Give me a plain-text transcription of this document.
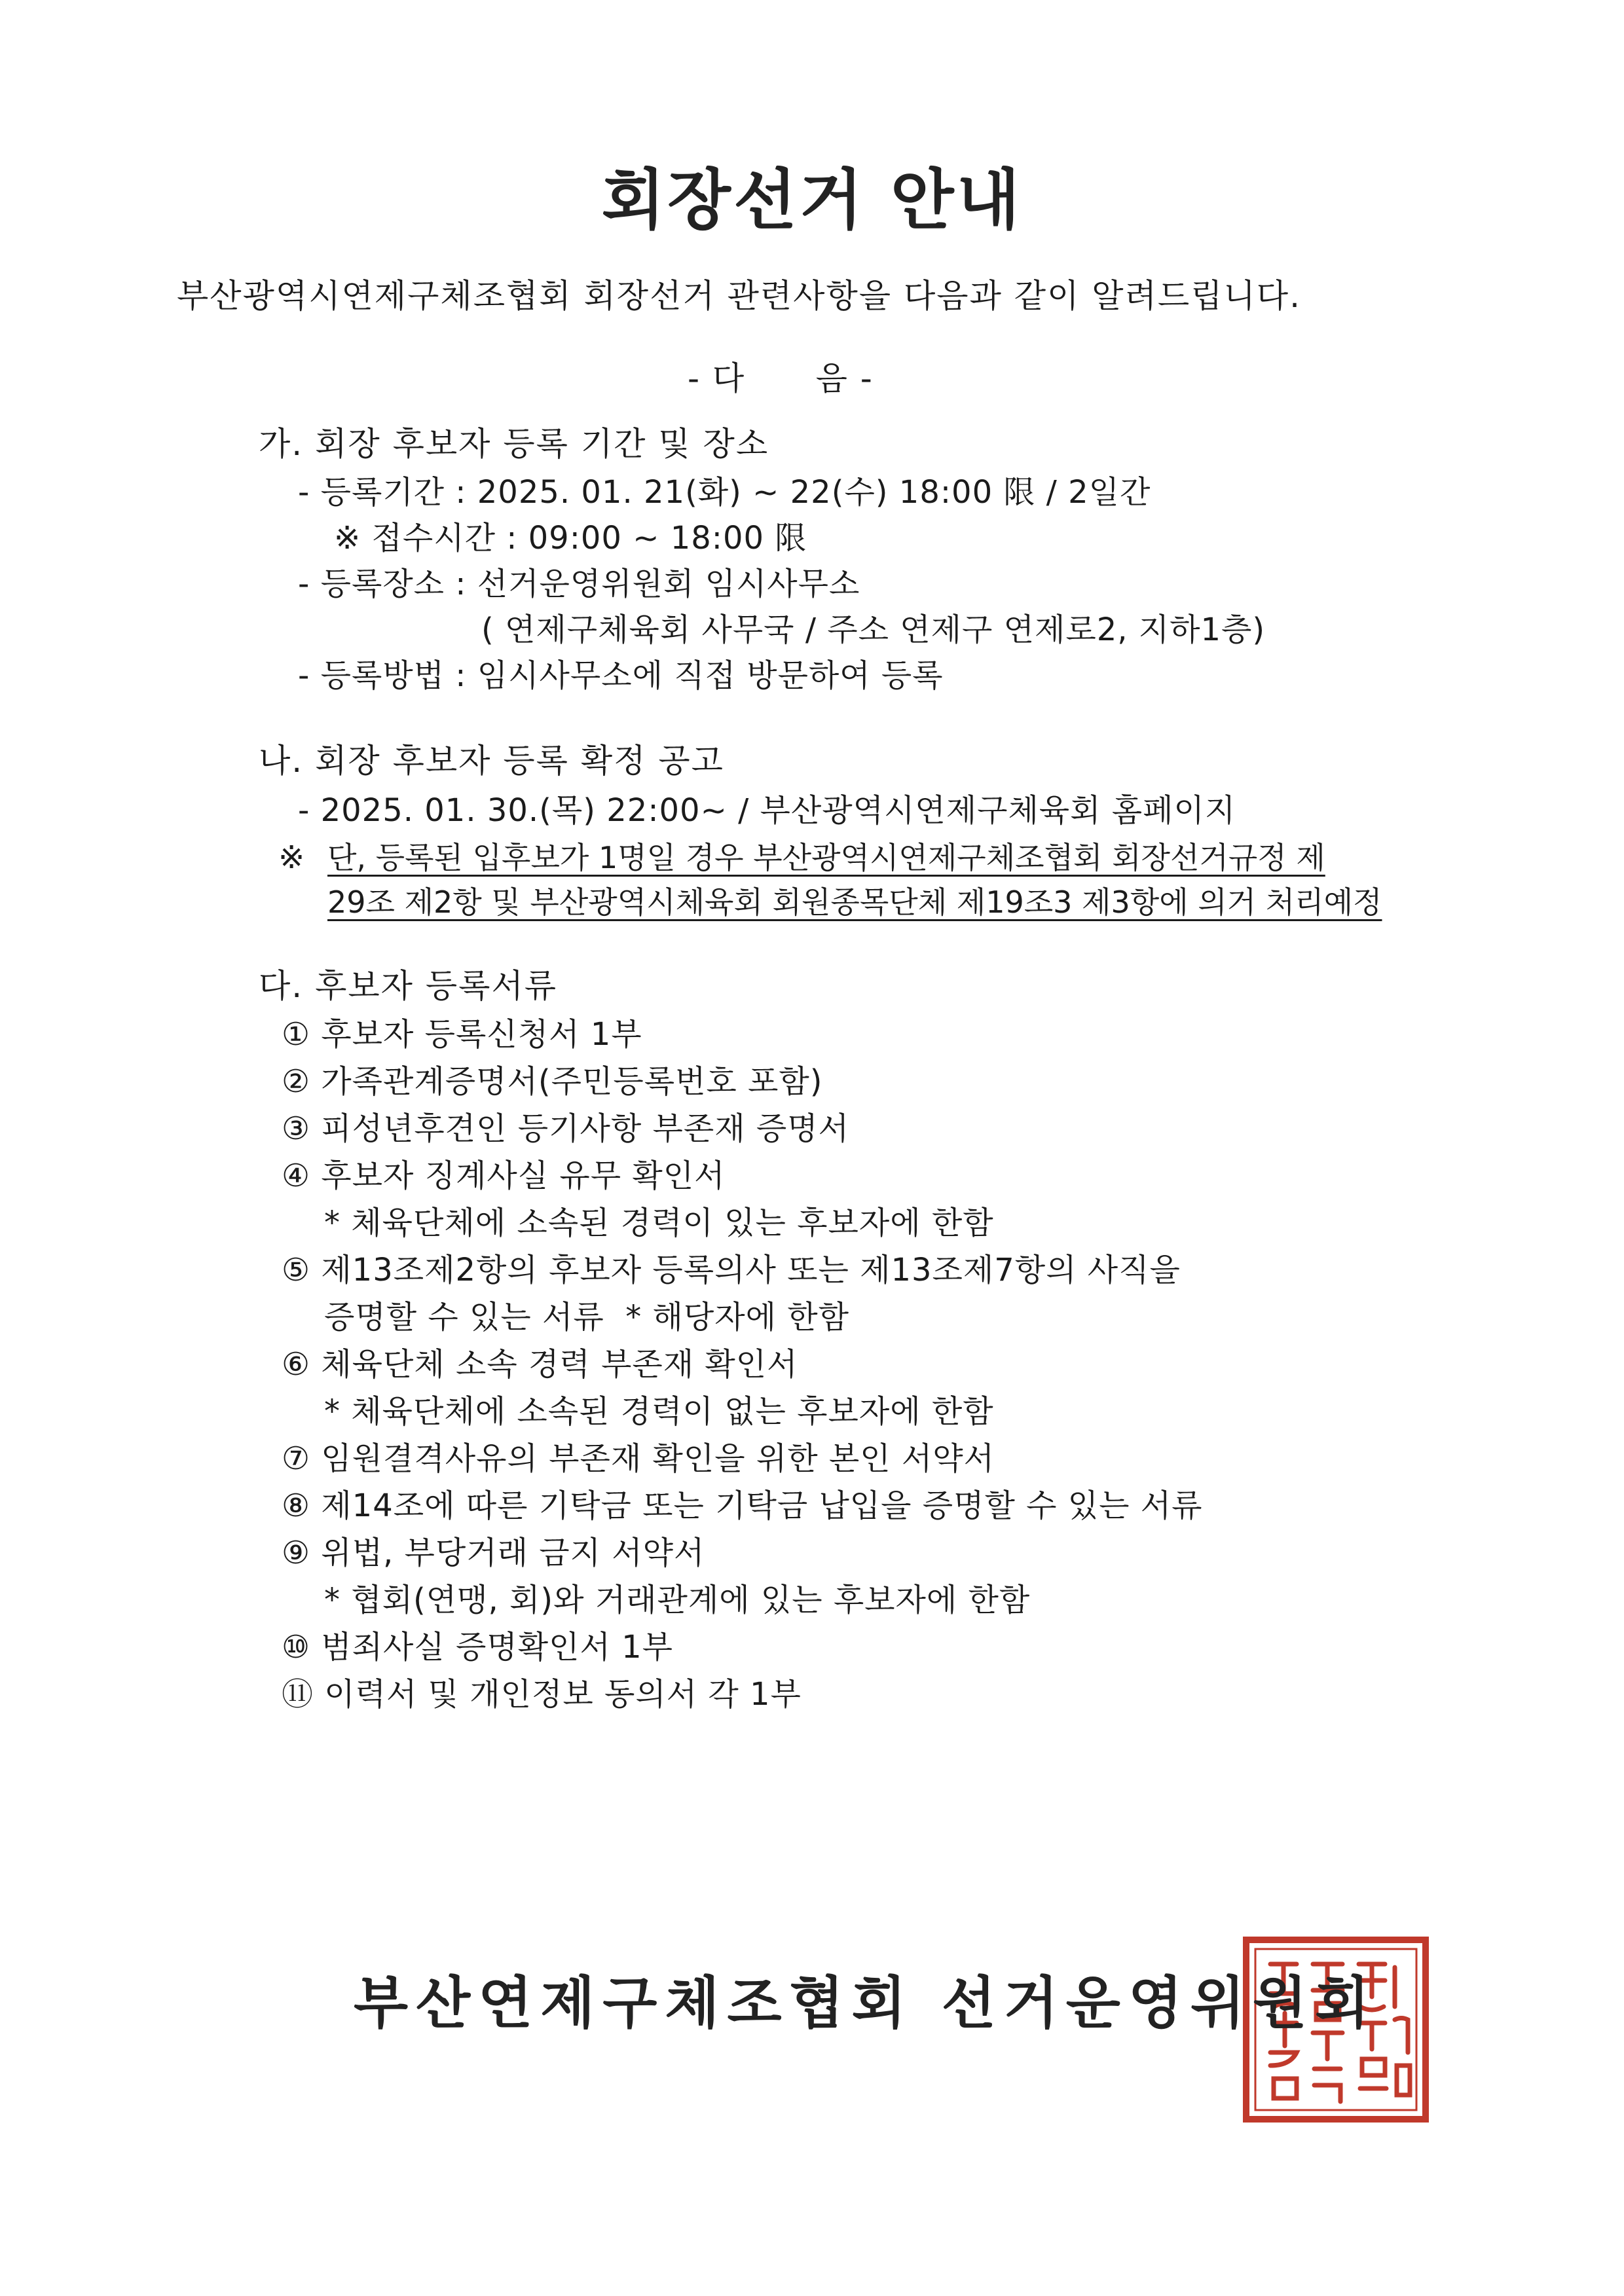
회장선거 안내
부산광역시연제구체조협회 회장선거 관련사항을 다음과 같이 알려드립니다.
- 다      음 -
가. 회장 후보자 등록 기간 및 장소
- 등록기간 : 2025. 01. 21(화) ~ 22(수) 18:00 限 / 2일간
※ 접수시간 : 09:00 ~ 18:00 限
- 등록장소 : 선거운영위원회 임시사무소
( 연제구체육회 사무국 / 주소 연제구 연제로2, 지하1층)
- 등록방법 : 임시사무소에 직접 방문하여 등록
나. 회장 후보자 등록 확정 공고
- 2025. 01. 30.(목) 22:00~ / 부산광역시연제구체육회 홈페이지
※ 단, 등록된 입후보가 1명일 경우 부산광역시연제구체조협회 회장선거규정 제
29조 제2항 및 부산광역시체육회 회원종목단체 제19조3 제3항에 의거 처리예정
다. 후보자 등록서류
① 후보자 등록신청서 1부
② 가족관계증명서(주민등록번호 포함)
③ 피성년후견인 등기사항 부존재 증명서
④ 후보자 징계사실 유무 확인서
* 체육단체에 소속된 경력이 있는 후보자에 한함
⑤ 제13조제2항의 후보자 등록의사 또는 제13조제7항의 사직을
증명할 수 있는 서류  * 해당자에 한함
⑥ 체육단체 소속 경력 부존재 확인서
* 체육단체에 소속된 경력이 없는 후보자에 한함
⑦ 임원결격사유의 부존재 확인을 위한 본인 서약서
⑧ 제14조에 따른 기탁금 또는 기탁금 납입을 증명할 수 있는 서류
⑨ 위법, 부당거래 금지 서약서
* 협회(연맹, 회)와 거래관계에 있는 후보자에 한함
⑩ 범죄사실 증명확인서 1부
⑪ 이력서 및 개인정보 동의서 각 1부
부산연제구체조협회 선거운영위원회
